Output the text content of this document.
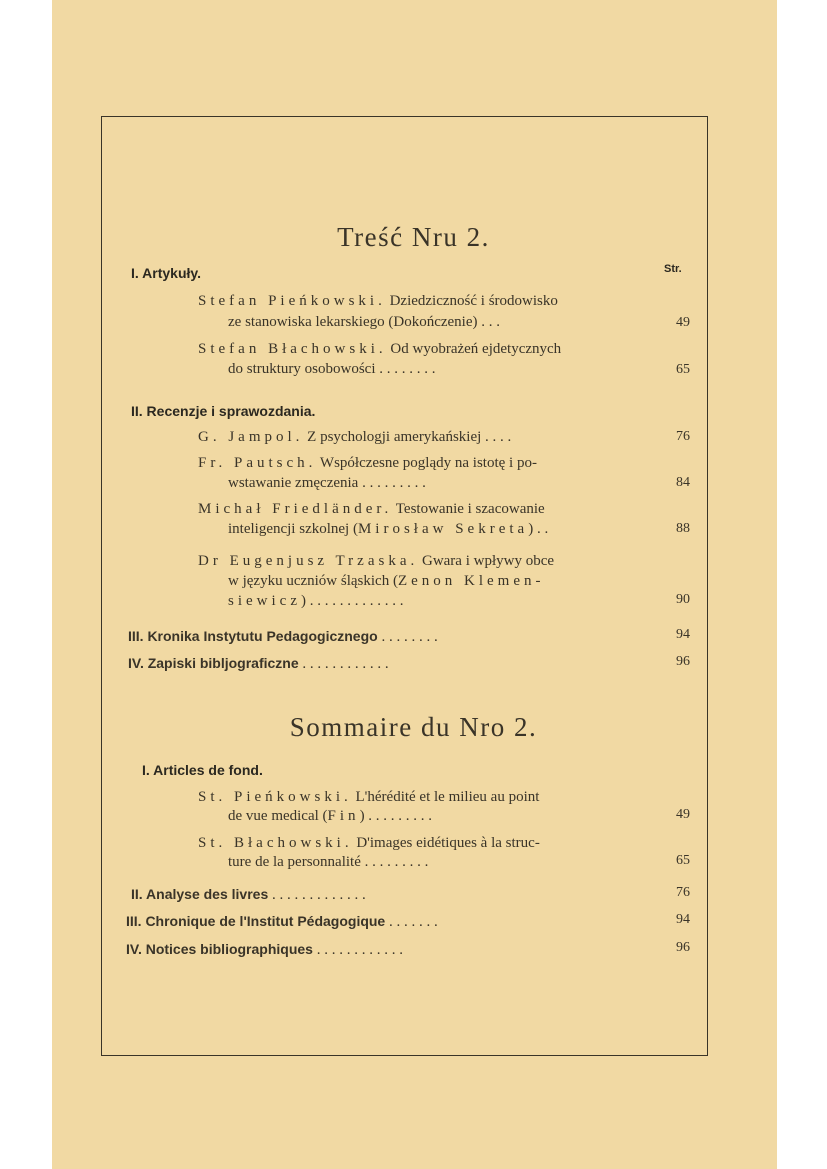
Treść Nru 2.
I. Artykuły.	Str.
Stefan Pieńkowski. Dziedziczność i środowisko
ze stanowiska lekarskiego (Dokończenie) . . .	49
Stefan Błachowski. Od wyobrażeń ejdetycznych
do struktury osobowości . . . . . . . .	65
II. Recenzje i sprawozdania.
G. Jampol. Z psychologji amerykańskiej . . . .	76
Fr. Pautsch. Współczesne poglądy na istotę i po-
wstawanie zmęczenia . . . . . . . . .	84
Michał Friedländer. Testowanie i szacowanie
inteligencji szkolnej (Mirosław Sekreta) . .	88
Dr Eugenjusz Trzaska. Gwara i wpływy obce
w języku uczniów śląskich (Zenon Klemen-
siewicz) . . . . . . . . . . . . .	90
III. Kronika Instytutu Pedagogicznego . . . . . . . .	94
IV. Zapiski bibljograficzne . . . . . . . . . . . .	96
Sommaire du Nro 2.
I. Articles de fond.
St. Pieńkowski. L'hérédité et le milieu au point
de vue medical (Fin) . . . . . . . . .	49
St. Błachowski. D'images eidétiques à la struc-
ture de la personnalité . . . . . . . . .	65
II. Analyse des livres . . . . . . . . . . . . .	76
III. Chronique de l'Institut Pédagogique . . . . . . .	94
IV. Notices bibliographiques . . . . . . . . . . . .	96
